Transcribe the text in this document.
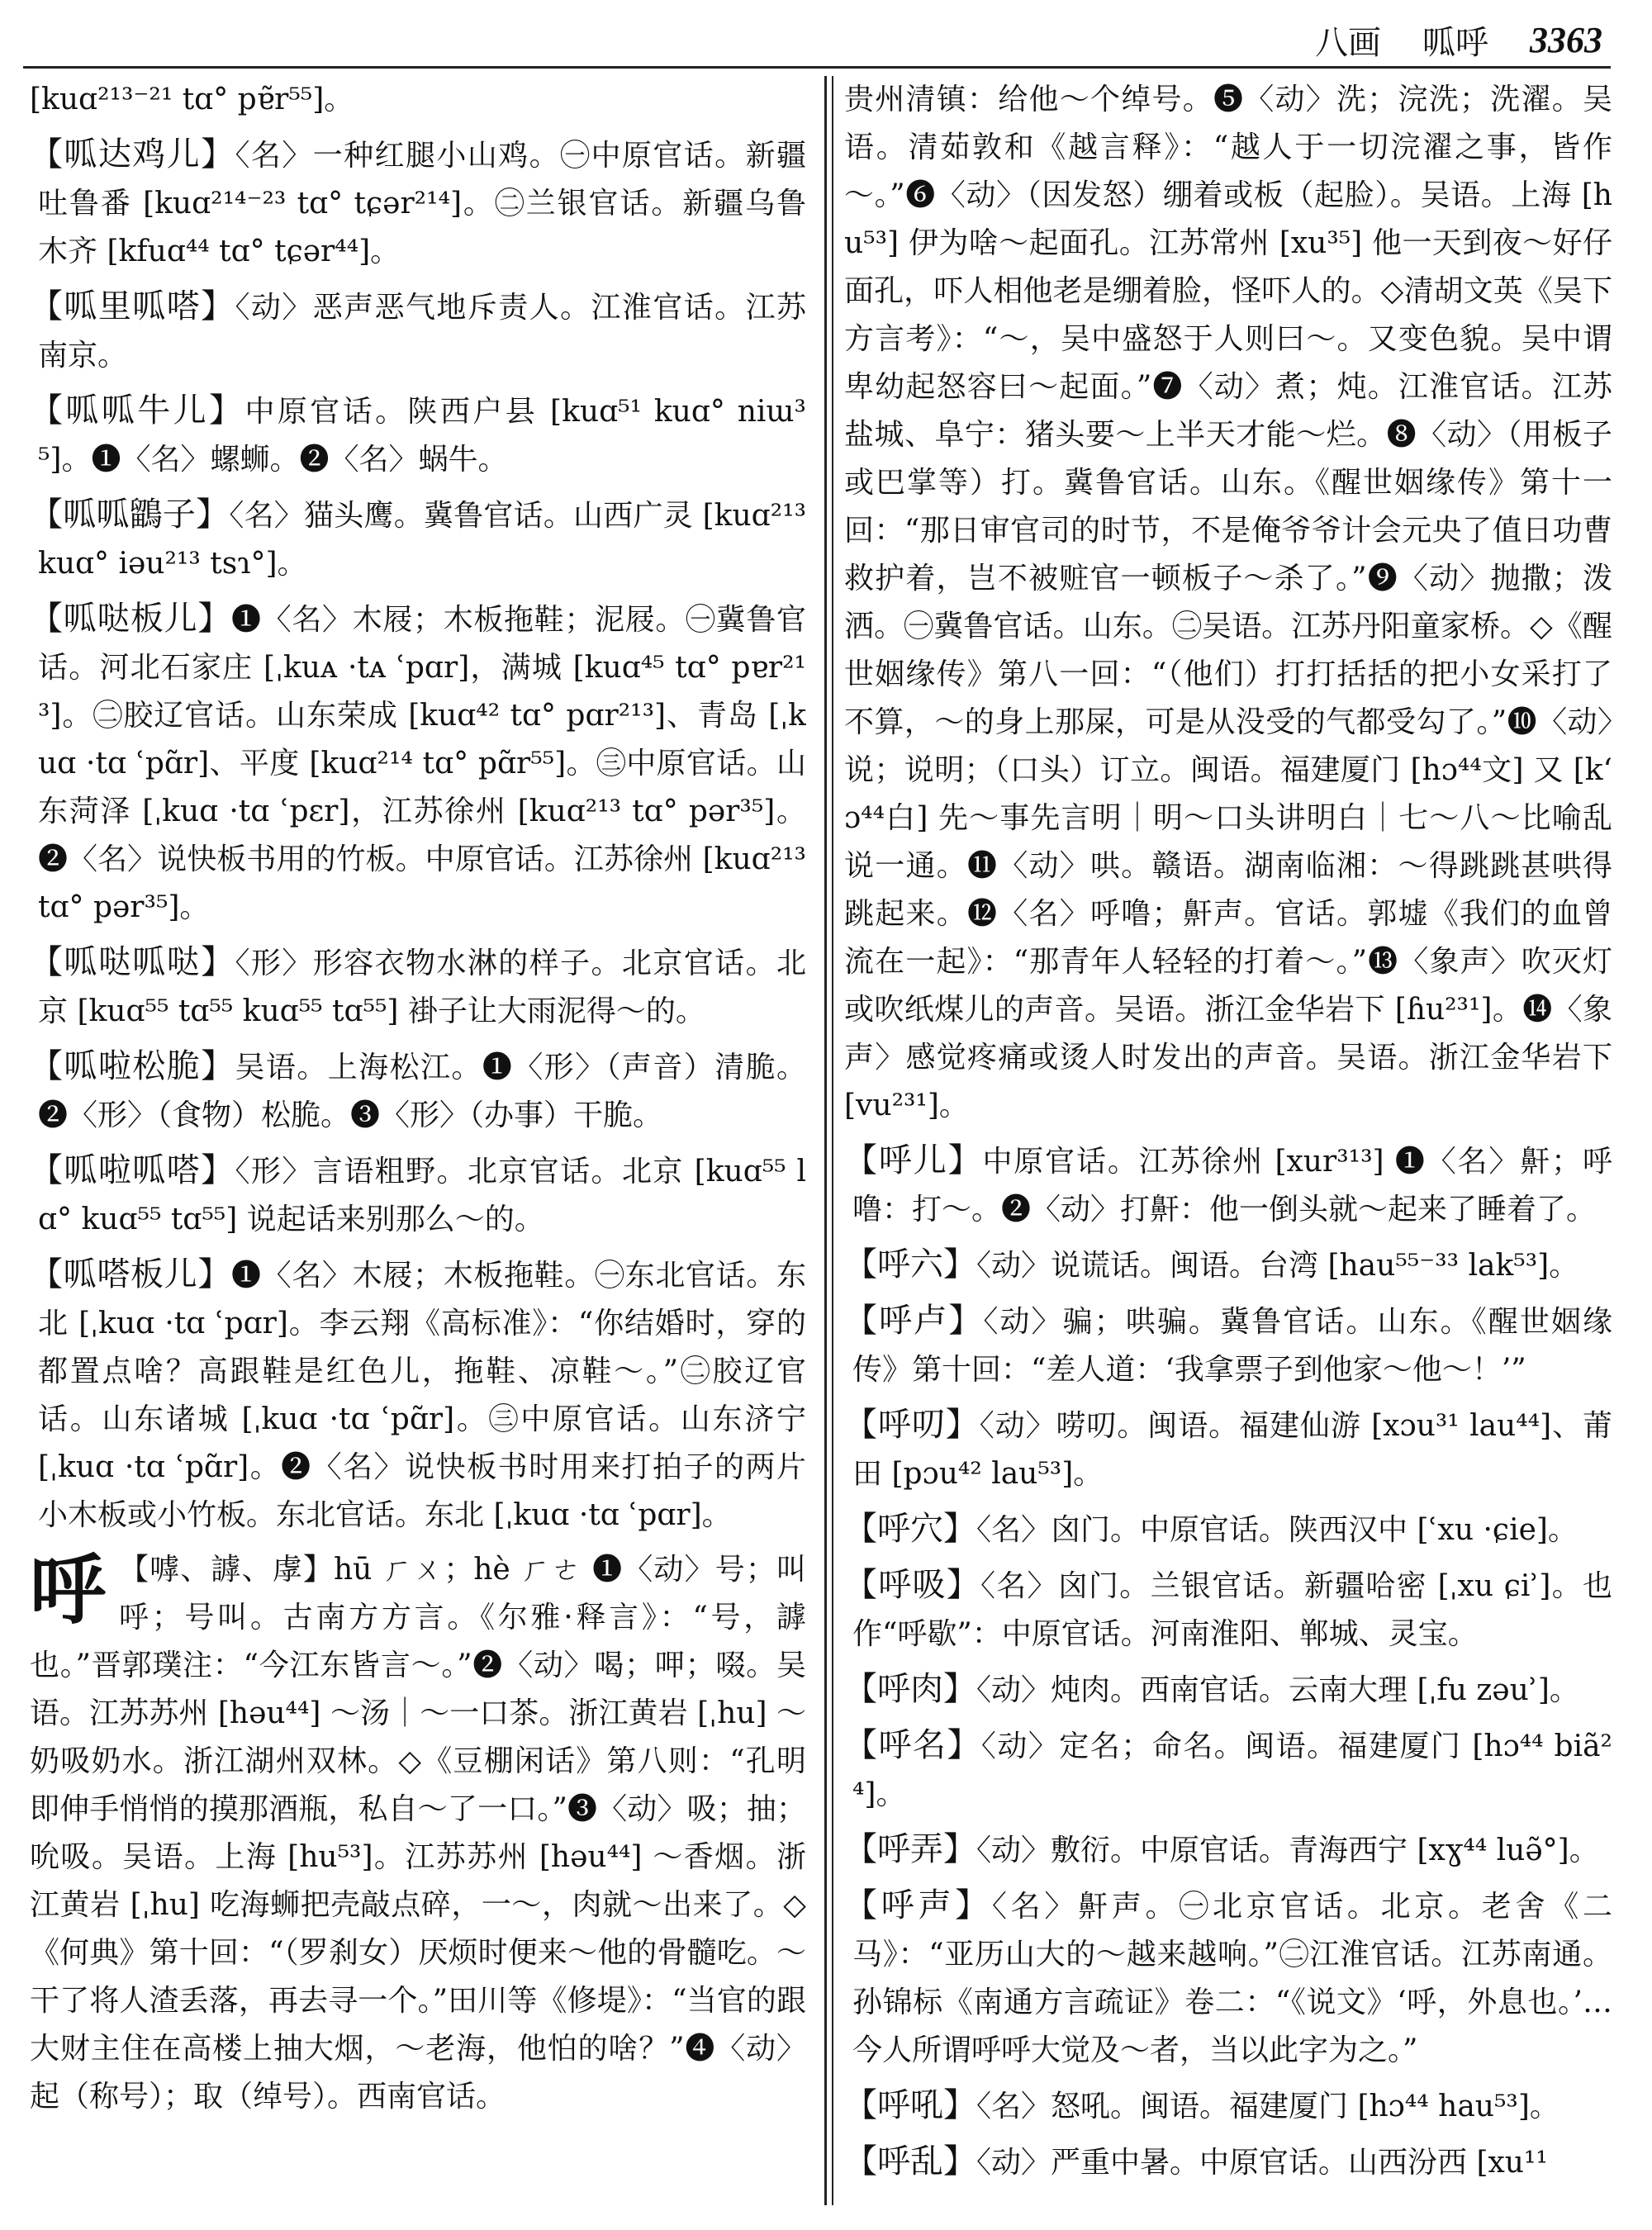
八画 呱呼 3363
[kuɑ²¹³⁻²¹ tɑ° pɐ̃r⁵⁵]。
【呱达鸡儿】〈名〉一种红腿小山鸡。㊀中原官话。新疆吐鲁番 [kuɑ²¹⁴⁻²³ tɑ° tɕər²¹⁴]。㊁兰银官话。新疆乌鲁木齐 [kfuɑ⁴⁴ tɑ° tɕər⁴⁴]。
【呱里呱嗒】〈动〉恶声恶气地斥责人。江淮官话。江苏南京。
【呱呱牛儿】中原官话。陕西户县 [kuɑ⁵¹ kuɑ° niɯ³⁵]。❶〈名〉螺蛳。❷〈名〉蜗牛。
【呱呱鶹子】〈名〉猫头鹰。冀鲁官话。山西广灵 [kuɑ²¹³ kuɑ° iəu²¹³ tsɿ°]。
【呱哒板儿】❶〈名〉木屐；木板拖鞋；泥屐。㊀冀鲁官话。河北石家庄 [ˌkuᴀ ·tᴀ ʿpɑr]，满城 [kuɑ⁴⁵ tɑ° pɐr²¹³]。㊁胶辽官话。山东荣成 [kuɑ⁴² tɑ° pɑr²¹³]、青岛 [ˌkuɑ ·tɑ ʿpɑ̃r]、平度 [kuɑ²¹⁴ tɑ° pɑ̃r⁵⁵]。㊂中原官话。山东菏泽 [ˌkuɑ ·tɑ ʿpɛr]，江苏徐州 [kuɑ²¹³ tɑ° pər³⁵]。❷〈名〉说快板书用的竹板。中原官话。江苏徐州 [kuɑ²¹³ tɑ° pər³⁵]。
【呱哒呱哒】〈形〉形容衣物水淋的样子。北京官话。北京 [kuɑ⁵⁵ tɑ⁵⁵ kuɑ⁵⁵ tɑ⁵⁵] 褂子让大雨泥得～的。
【呱啦松脆】吴语。上海松江。❶〈形〉（声音）清脆。❷〈形〉（食物）松脆。❸〈形〉（办事）干脆。
【呱啦呱嗒】〈形〉言语粗野。北京官话。北京 [kuɑ⁵⁵ lɑ° kuɑ⁵⁵ tɑ⁵⁵] 说起话来别那么～的。
【呱嗒板儿】❶〈名〉木屐；木板拖鞋。㊀东北官话。东北 [ˌkuɑ ·tɑ ʿpɑr]。李云翔《高标准》：“你结婚时，穿的都置点啥？高跟鞋是红色儿，拖鞋、凉鞋～。”㊁胶辽官话。山东诸城 [ˌkuɑ ·tɑ ʿpɑ̃r]。㊂中原官话。山东济宁 [ˌkuɑ ·tɑ ʿpɑ̃r]。❷〈名〉说快板书时用来打拍子的两片小木板或小竹板。东北官话。东北 [ˌkuɑ ·tɑ ʿpɑr]。
呼 【嘑、謼、虖】hū ㄏㄨ；hè ㄏㄜ ❶〈动〉号；叫呼；号叫。古南方方言。《尔雅·释言》：“号，謼也。”晋郭璞注：“今江东皆言～。”❷〈动〉喝；呷；啜。吴语。江苏苏州 [həu⁴⁴] ～汤｜～一口茶。浙江黄岩 [ˌhu] ～奶吸奶水。浙江湖州双林。◇《豆棚闲话》第八则：“孔明即伸手悄悄的摸那酒瓶，私自～了一口。”❸〈动〉吸；抽；吮吸。吴语。上海 [hu⁵³]。江苏苏州 [həu⁴⁴] ～香烟。浙江黄岩 [ˌhu] 吃海蛳把壳敲点碎，一～，肉就～出来了。◇《何典》第十回：“（罗刹女）厌烦时便来～他的骨髓吃。～干了将人渣丢落，再去寻一个。”田川等《修堤》：“当官的跟大财主住在高楼上抽大烟，～老海，他怕的啥？”❹〈动〉起（称号）；取（绰号）。西南官话。
贵州清镇：给他～个绰号。❺〈动〉洗；浣洗；洗濯。吴语。清茹敦和《越言释》：“越人于一切浣濯之事，皆作～。”❻〈动〉（因发怒）绷着或板（起脸）。吴语。上海 [hu⁵³] 伊为啥～起面孔。江苏常州 [xu³⁵] 他一天到夜～好仔面孔，吓人相他老是绷着脸，怪吓人的。◇清胡文英《吴下方言考》：“～，吴中盛怒于人则曰～。又变色貌。吴中谓卑幼起怒容曰～起面。”❼〈动〉煮；炖。江淮官话。江苏盐城、阜宁：猪头要～上半天才能～烂。❽〈动〉（用板子或巴掌等）打。冀鲁官话。山东。《醒世姻缘传》第十一回：“那日审官司的时节，不是俺爷爷计会元央了值日功曹救护着，岂不被赃官一顿板子～杀了。”❾〈动〉抛撒；泼洒。㊀冀鲁官话。山东。㊁吴语。江苏丹阳童家桥。◇《醒世姻缘传》第八一回：“（他们）打打括括的把小女采打了不算，～的身上那屎，可是从没受的气都受勾了。”❿〈动〉说；说明；（口头）订立。闽语。福建厦门 [hɔ⁴⁴文] 又 [kʻɔ⁴⁴白] 先～事先言明｜明～口头讲明白｜七～八～比喻乱说一通。⓫〈动〉哄。赣语。湖南临湘：～得跳跳甚哄得跳起来。⓬〈名〉呼噜；鼾声。官话。郭墟《我们的血曾流在一起》：“那青年人轻轻的打着～。”⓭〈象声〉吹灭灯或吹纸煤儿的声音。吴语。浙江金华岩下 [ɦu²³¹]。⓮〈象声〉感觉疼痛或烫人时发出的声音。吴语。浙江金华岩下 [vu²³¹]。
【呼儿】中原官话。江苏徐州 [xur³¹³] ❶〈名〉鼾；呼噜：打～。❷〈动〉打鼾：他一倒头就～起来了睡着了。
【呼六】〈动〉说谎话。闽语。台湾 [hau⁵⁵⁻³³ lak⁵³]。
【呼卢】〈动〉骗；哄骗。冀鲁官话。山东。《醒世姻缘传》第十回：“差人道：‘我拿票子到他家～他～！’”
【呼叨】〈动〉唠叨。闽语。福建仙游 [xɔu³¹ lau⁴⁴]、莆田 [pɔu⁴² lau⁵³]。
【呼穴】〈名〉囟门。中原官话。陕西汉中 [ʿxu ·ɕie]。
【呼吸】〈名〉囟门。兰银官话。新疆哈密 [ˌxu ɕiʾ]。也作“呼歇”：中原官话。河南淮阳、郸城、灵宝。
【呼肉】〈动〉炖肉。西南官话。云南大理 [ˌfu zəuʾ]。
【呼名】〈动〉定名；命名。闽语。福建厦门 [hɔ⁴⁴ biã²⁴]。
【呼弄】〈动〉敷衍。中原官话。青海西宁 [xɣ⁴⁴ luə̃°]。
【呼声】〈名〉鼾声。㊀北京官话。北京。老舍《二马》：“亚历山大的～越来越响。”㊁江淮官话。江苏南通。孙锦标《南通方言疏证》卷二：“《说文》‘呼，外息也。’…今人所谓呼呼大觉及～者，当以此字为之。”
【呼吼】〈名〉怒吼。闽语。福建厦门 [hɔ⁴⁴ hau⁵³]。
【呼乱】〈动〉严重中暑。中原官话。山西汾西 [xu¹¹
